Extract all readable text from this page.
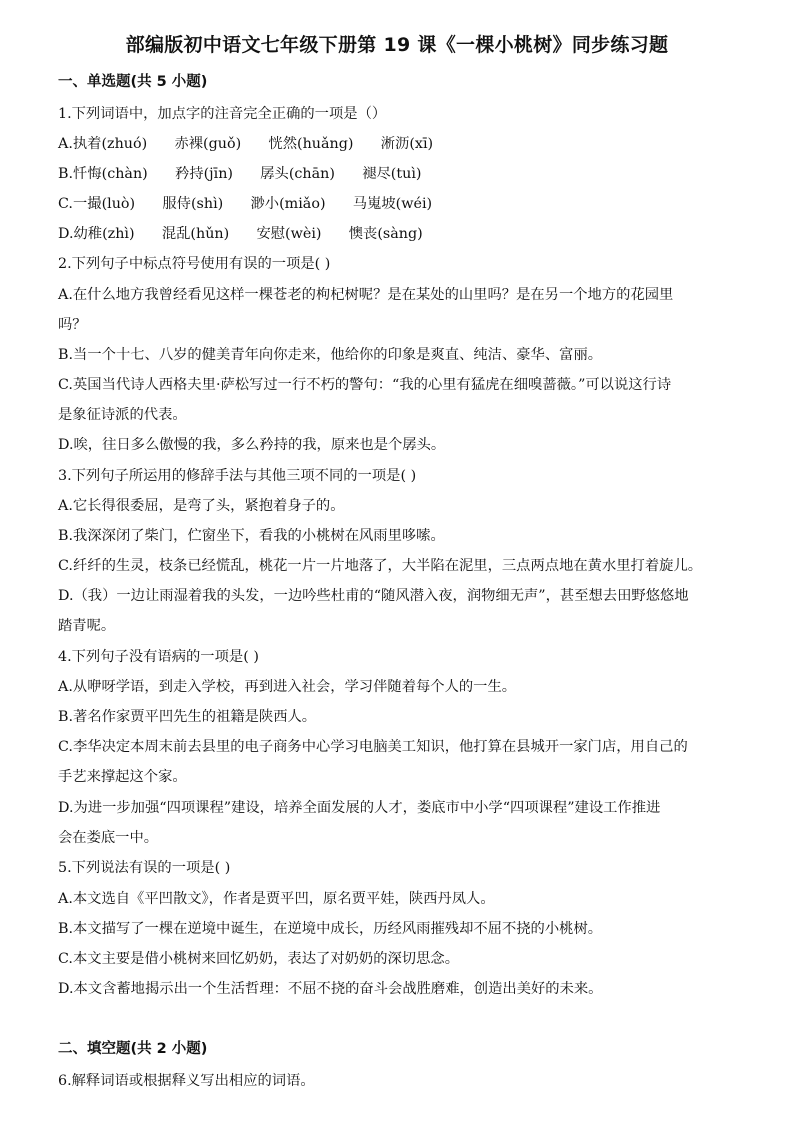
部编版初中语文七年级下册第 19 课《一棵小桃树》同步练习题
一、单选题(共 5 小题)
1.下列词语中，加点字的注音完全正确的一项是（）
A.执着(zhuó)      赤裸(guǒ)      恍然(huǎng)      淅沥(xī)
B.忏悔(chàn)      矜持(jīn)      孱头(chān)      褪尽(tuì)
C.一撮(luò)      服侍(shì)      渺小(miǎo)      马嵬坡(wéi)
D.幼稚(zhì)      混乱(hǔn)      安慰(wèi)      懊丧(sàng)
2.下列句子中标点符号使用有误的一项是( )
A.在什么地方我曾经看见这样一棵苍老的枸杞树呢？是在某处的山里吗？是在另一个地方的花园里
吗？
B.当一个十七、八岁的健美青年向你走来，他给你的印象是爽直、纯洁、豪华、富丽。
C.英国当代诗人西格夫里·萨松写过一行不朽的警句：“我的心里有猛虎在细嗅蔷薇。”可以说这行诗
是象征诗派的代表。
D.唉，往日多么傲慢的我，多么矜持的我，原来也是个孱头。
3.下列句子所运用的修辞手法与其他三项不同的一项是( )
A.它长得很委屈，是弯了头，紧抱着身子的。
B.我深深闭了柴门，伫窗坐下，看我的小桃树在风雨里哆嗦。
C.纤纤的生灵，枝条已经慌乱，桃花一片一片地落了，大半陷在泥里，三点两点地在黄水里打着旋儿。
D.（我）一边让雨湿着我的头发，一边吟些杜甫的“随风潜入夜，润物细无声”，甚至想去田野悠悠地
踏青呢。
4.下列句子没有语病的一项是( )
A.从咿呀学语，到走入学校，再到进入社会，学习伴随着每个人的一生。
B.著名作家贾平凹先生的祖籍是陕西人。
C.李华决定本周末前去县里的电子商务中心学习电脑美工知识，他打算在县城开一家门店，用自己的
手艺来撑起这个家。
D.为进一步加强“四项课程”建设，培养全面发展的人才，娄底市中小学“四项课程”建设工作推进
会在娄底一中。
5.下列说法有误的一项是( )
A.本文选自《平凹散文》，作者是贾平凹，原名贾平娃，陕西丹凤人。
B.本文描写了一棵在逆境中诞生，在逆境中成长，历经风雨摧残却不屈不挠的小桃树。
C.本文主要是借小桃树来回忆奶奶，表达了对奶奶的深切思念。
D.本文含蓄地揭示出一个生活哲理：不屈不挠的奋斗会战胜磨难，创造出美好的未来。
二、填空题(共 2 小题)
6.解释词语或根据释义写出相应的词语。
